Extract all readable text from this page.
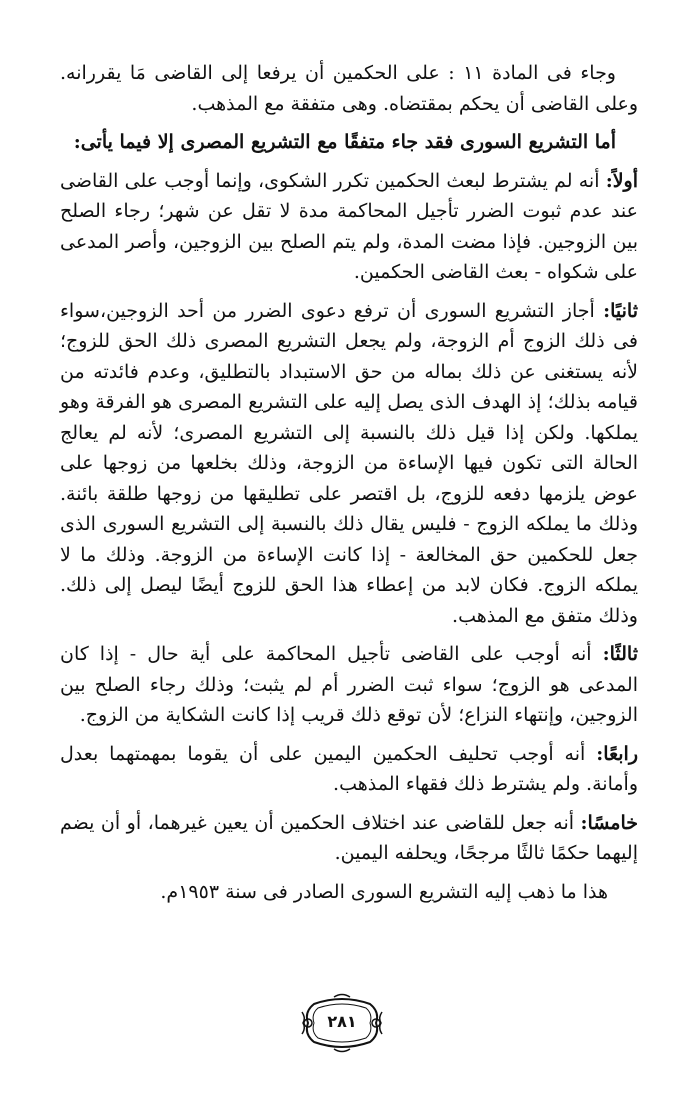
وجاء فى المادة ١١ : على الحكمين أن يرفعا إلى القاضى مَا يقررانه. وعلى القاضى أن يحكم بمقتضاه. وهى متفقة مع المذهب.

أما التشريع السورى فقد جاء متفقًا مع التشريع المصرى إلا فيما يأتى:

أولاً: أنه لم يشترط لبعث الحكمين تكرر الشكوى، وإنما أوجب على القاضى عند عدم ثبوت الضرر تأجيل المحاكمة مدة لا تقل عن شهر؛ رجاء الصلح بين الزوجين. فإذا مضت المدة، ولم يتم الصلح بين الزوجين، وأصر المدعى على شكواه - بعث القاضى الحكمين.

ثانيًا: أجاز التشريع السورى أن ترفع دعوى الضرر من أحد الزوجين،سواء فى ذلك الزوج أم الزوجة، ولم يجعل التشريع المصرى ذلك الحق للزوج؛ لأنه يستغنى عن ذلك بماله من حق الاستبداد بالتطليق، وعدم فائدته من قيامه بذلك؛ إذ الهدف الذى يصل إليه على التشريع المصرى هو الفرقة وهو يملكها. ولكن إذا قيل ذلك بالنسبة إلى التشريع المصرى؛ لأنه لم يعالج الحالة التى تكون فيها الإساءة من الزوجة، وذلك بخلعها من زوجها على عوض يلزمها دفعه للزوج، بل اقتصر على تطليقها من زوجها طلقة بائنة. وذلك ما يملكه الزوج - فليس يقال ذلك بالنسبة إلى التشريع السورى الذى جعل للحكمين حق المخالعة - إذا كانت الإساءة من الزوجة. وذلك ما لا يملكه الزوج. فكان لابد من إعطاء هذا الحق للزوج أيضًا ليصل إلى ذلك. وذلك متفق مع المذهب.

ثالثًا: أنه أوجب على القاضى تأجيل المحاكمة على أية حال - إذا كان المدعى هو الزوج؛ سواء ثبت الضرر أم لم يثبت؛ وذلك رجاء الصلح بين الزوجين، وإنتهاء النزاع؛ لأن توقع ذلك قريب إذا كانت الشكاية من الزوج.

رابعًا: أنه أوجب تحليف الحكمين اليمين على أن يقوما بمهمتهما بعدل وأمانة. ولم يشترط ذلك فقهاء المذهب.

خامسًا: أنه جعل للقاضى عند اختلاف الحكمين أن يعين غيرهما، أو أن يضم إليهما حكمًا ثالثًا مرجحًا، ويحلفه اليمين.

هذا ما ذهب إليه التشريع السورى الصادر فى سنة ١٩٥٣م.

٢٨١
